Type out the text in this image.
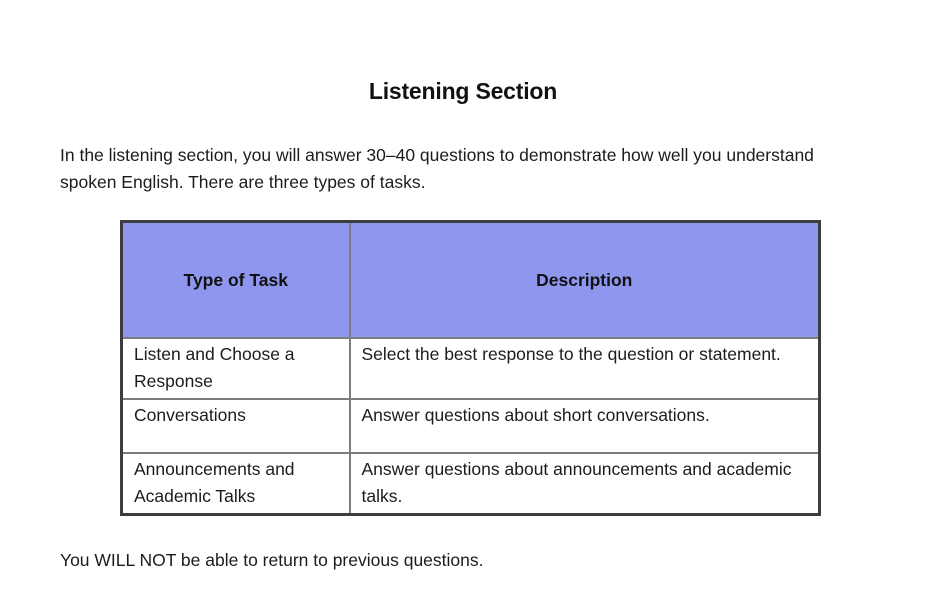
Listening Section

In the listening section, you will answer 30–40 questions to demonstrate how well you understand spoken English. There are three types of tasks.

Type of Task	Description
Listen and Choose a Response	Select the best response to the question or statement.
Conversations	Answer questions about short conversations.
Announcements and Academic Talks	Answer questions about announcements and academic talks.

You WILL NOT be able to return to previous questions.
